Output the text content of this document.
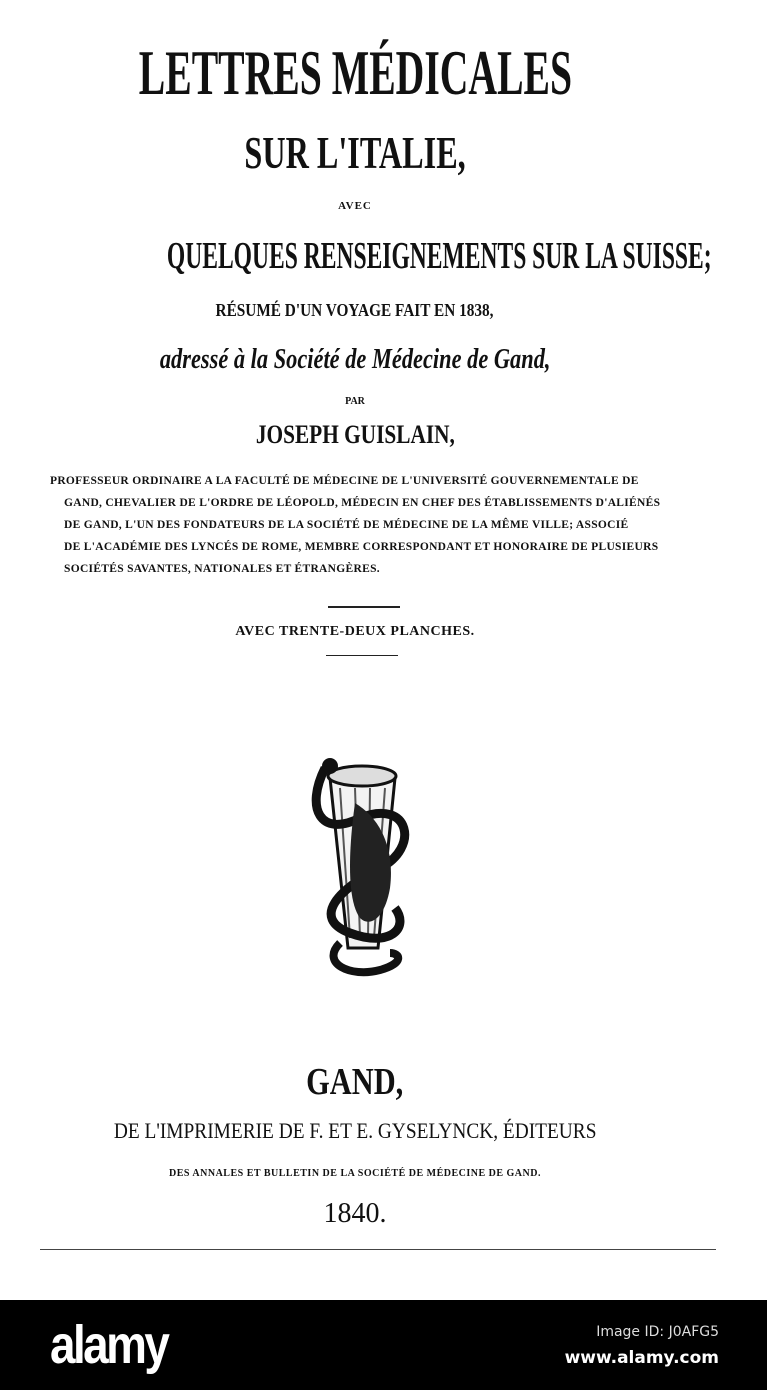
LETTRES MÉDICALES
SUR L'ITALIE,
AVEC
QUELQUES RENSEIGNEMENTS SUR LA SUISSE;
RÉSUMÉ D'UN VOYAGE FAIT EN 1838,
adressé à la Société de Médecine de Gand,
PAR
JOSEPH GUISLAIN,
PROFESSEUR ORDINAIRE A LA FACULTÉ DE MÉDECINE DE L'UNIVERSITÉ GOUVERNEMENTALE DE
GAND, CHEVALIER DE L'ORDRE DE LÉOPOLD, MÉDECIN EN CHEF DES ÉTABLISSEMENTS D'ALIÉNÉS
DE GAND, L'UN DES FONDATEURS DE LA SOCIÉTÉ DE MÉDECINE DE LA MÊME VILLE; ASSOCIÉ
DE L'ACADÉMIE DES LYNCÉS DE ROME, MEMBRE CORRESPONDANT ET HONORAIRE DE PLUSIEURS
SOCIÉTÉS SAVANTES, NATIONALES ET ÉTRANGÈRES.
AVEC TRENTE-DEUX PLANCHES.
GAND,
DE L'IMPRIMERIE DE F. ET E. GYSELYNCK, ÉDITEURS
DES ANNALES ET BULLETIN DE LA SOCIÉTÉ DE MÉDECINE DE GAND.
1840.
alamy	Image ID: J0AFG5
www.alamy.com
